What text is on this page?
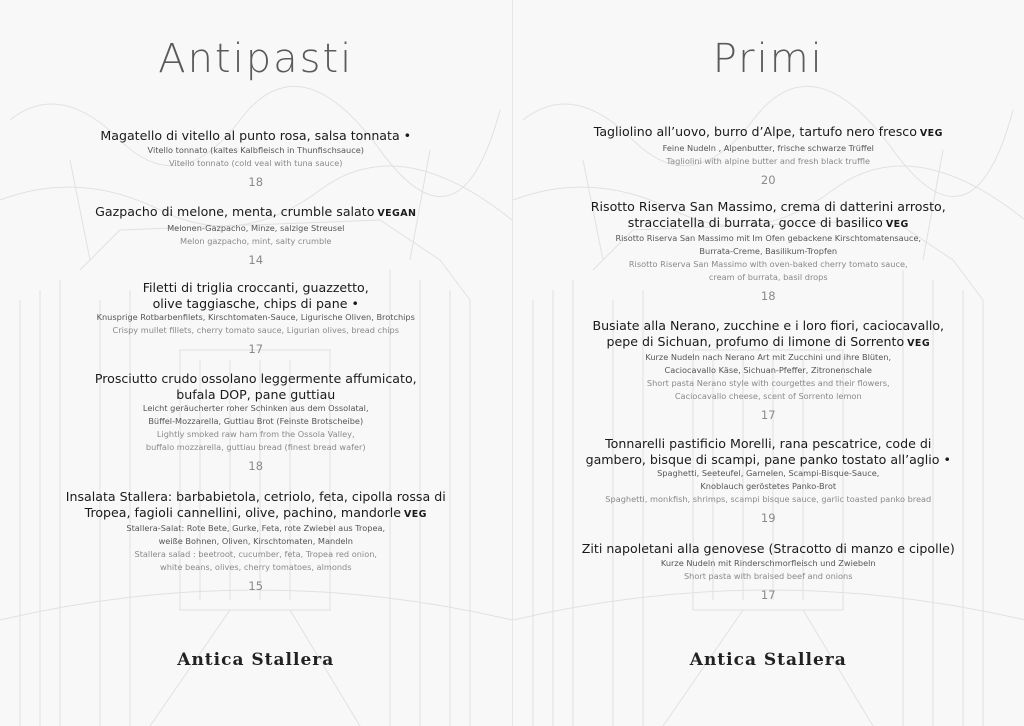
Antipasti
Magatello di vitello al punto rosa, salsa tonnata •
Vitello tonnato (kaltes Kalbfleisch in Thunfischsauce)
Vitello tonnato (cold veal with tuna sauce)
18
Gazpacho di melone, menta, crumble salato VEGAN
Melonen-Gazpacho, Minze, salzige Streusel
Melon gazpacho, mint, salty crumble
14
Filetti di triglia croccanti, guazzetto,
olive taggiasche, chips di pane •
Knusprige Rotbarbenfilets, Kirschtomaten-Sauce, Ligurische Oliven, Brotchips
Crispy mullet fillets, cherry tomato sauce, Ligurian olives, bread chips
17
Prosciutto crudo ossolano leggermente affumicato,
bufala DOP, pane guttiau
Leicht geräucherter roher Schinken aus dem Ossolatal,
Büffel-Mozzarella, Guttiau Brot (Feinste Brotscheibe)
Lightly smoked raw ham from the Ossola Valley,
buffalo mozzarella, guttiau bread (finest bread wafer)
18
Insalata Stallera: barbabietola, cetriolo, feta, cipolla rossa di
Tropea, fagioli cannellini, olive, pachino, mandorle VEG
Stallera-Salat: Rote Bete, Gurke, Feta, rote Zwiebel aus Tropea,
weiße Bohnen, Oliven, Kirschtomaten, Mandeln
Stallera salad : beetroot, cucumber, feta, Tropea red onion,
white beans, olives, cherry tomatoes, almonds
15
Antica Stallera
Primi
Tagliolino all’uovo, burro d’Alpe, tartufo nero fresco VEG
Feine Nudeln , Alpenbutter, frische schwarze Trüffel
Tagliolini with alpine butter and fresh black truffle
20
Risotto Riserva San Massimo, crema di datterini arrosto,
stracciatella di burrata, gocce di basilico VEG
Risotto Riserva San Massimo mit Im Ofen gebackene Kirschtomatensauce,
Burrata-Creme, Basilikum-Tropfen
Risotto Riserva San Massimo with oven-baked cherry tomato sauce,
cream of burrata, basil drops
18
Busiate alla Nerano, zucchine e i loro fiori, caciocavallo,
pepe di Sichuan, profumo di limone di Sorrento VEG
Kurze Nudeln nach Nerano Art mit Zucchini und ihre Blüten,
Caciocavallo Käse, Sichuan-Pfeffer, Zitronenschale
Short pasta Nerano style with courgettes and their flowers,
Caciocavallo cheese, scent of Sorrento lemon
17
Tonnarelli pastificio Morelli, rana pescatrice, code di
gambero, bisque di scampi, pane panko tostato all’aglio •
Spaghetti, Seeteufel, Garnelen, Scampi-Bisque-Sauce,
Knoblauch geröstetes Panko-Brot
Spaghetti, monkfish, shrimps, scampi bisque sauce, garlic toasted panko bread
19
Ziti napoletani alla genovese (Stracotto di manzo e cipolle)
Kurze Nudeln mit Rinderschmorfleisch und Zwiebeln
Short pasta with braised beef and onions
17
Antica Stallera
